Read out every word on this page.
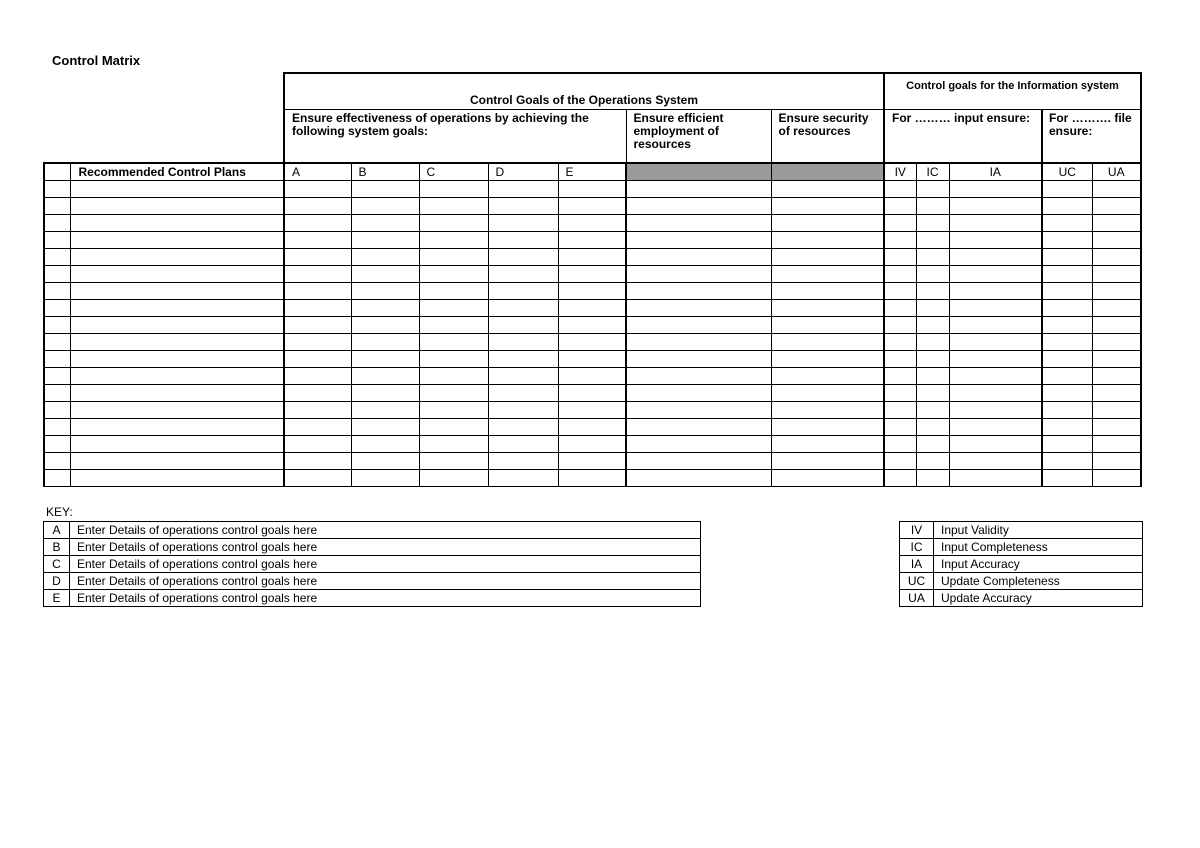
Control Matrix
		Control Goals of the Operations System							Control goals for the Information system				
		Ensure effectiveness of operations by achieving the following system goals:					Ensure efficient employment of resources	Ensure security of resources	For ……… input ensure:			For ………. file ensure:	
	Recommended Control Plans	A	B	C	D	E			IV	IC	IA	UC	UA

KEY:
A	Enter Details of operations control goals here
B	Enter Details of operations control goals here
C	Enter Details of operations control goals here
D	Enter Details of operations control goals here
E	Enter Details of operations control goals here
IV	Input Validity
IC	Input Completeness
IA	Input Accuracy
UC	Update Completeness
UA	Update Accuracy
